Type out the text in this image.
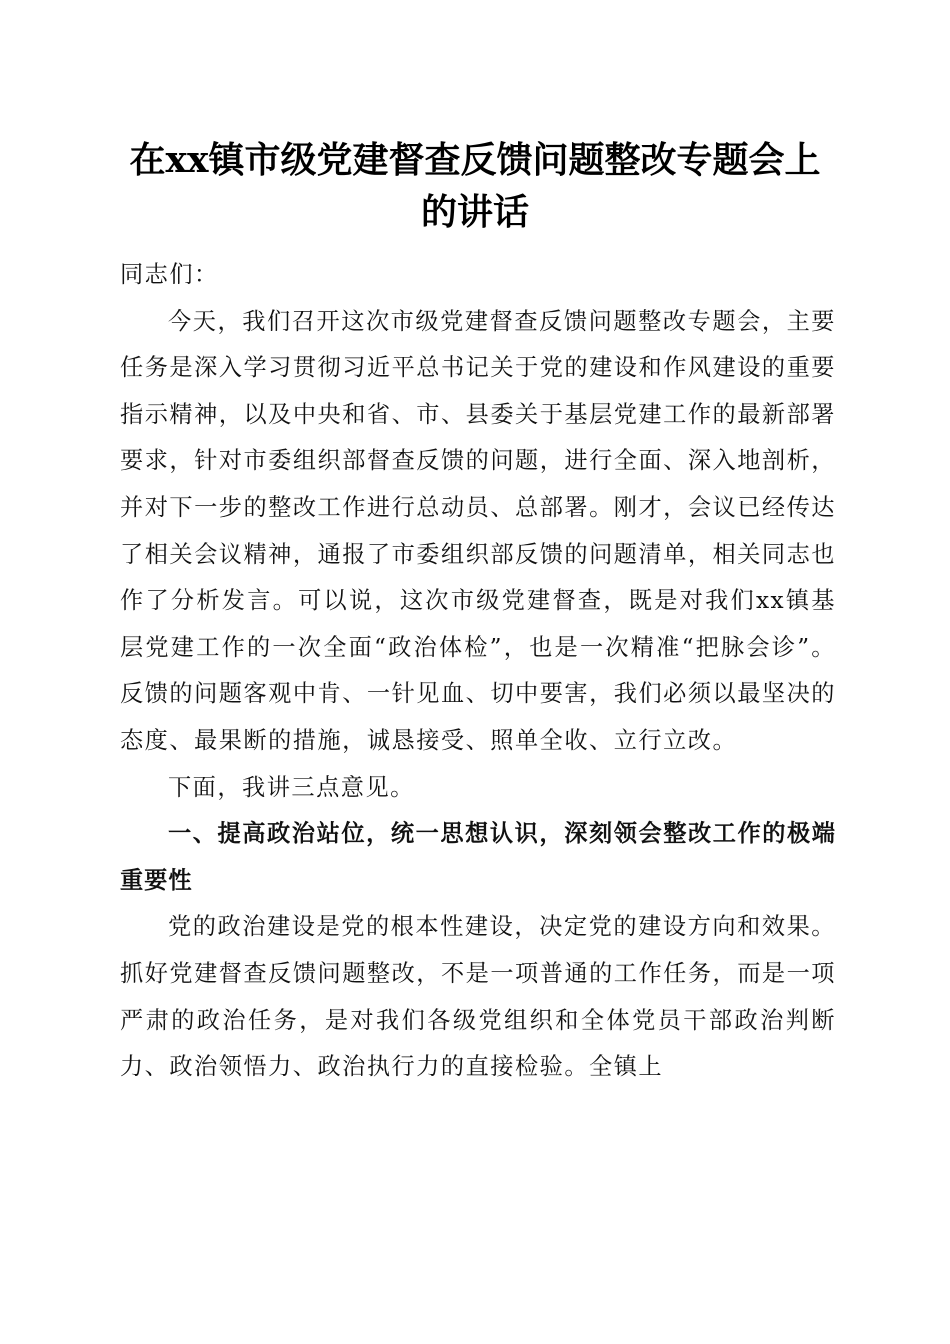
在xx镇市级党建督查反馈问题整改专题会上
的讲话

同志们：

今天，我们召开这次市级党建督查反馈问题整改专题会，主要任务是深入学习贯彻习近平总书记关于党的建设和作风建设的重要指示精神，以及中央和省、市、县委关于基层党建工作的最新部署要求，针对市委组织部督查反馈的问题，进行全面、深入地剖析，并对下一步的整改工作进行总动员、总部署。刚才，会议已经传达了相关会议精神，通报了市委组织部反馈的问题清单，相关同志也作了分析发言。可以说，这次市级党建督查，既是对我们xx镇基层党建工作的一次全面“政治体检”，也是一次精准“把脉会诊”。反馈的问题客观中肯、一针见血、切中要害，我们必须以最坚决的态度、最果断的措施，诚恳接受、照单全收、立行立改。

下面，我讲三点意见。

一、提高政治站位，统一思想认识，深刻领会整改工作的极端重要性

党的政治建设是党的根本性建设，决定党的建设方向和效果。抓好党建督查反馈问题整改，不是一项普通的工作任务，而是一项严肃的政治任务，是对我们各级党组织和全体党员干部政治判断力、政治领悟力、政治执行力的直接检验。全镇上
